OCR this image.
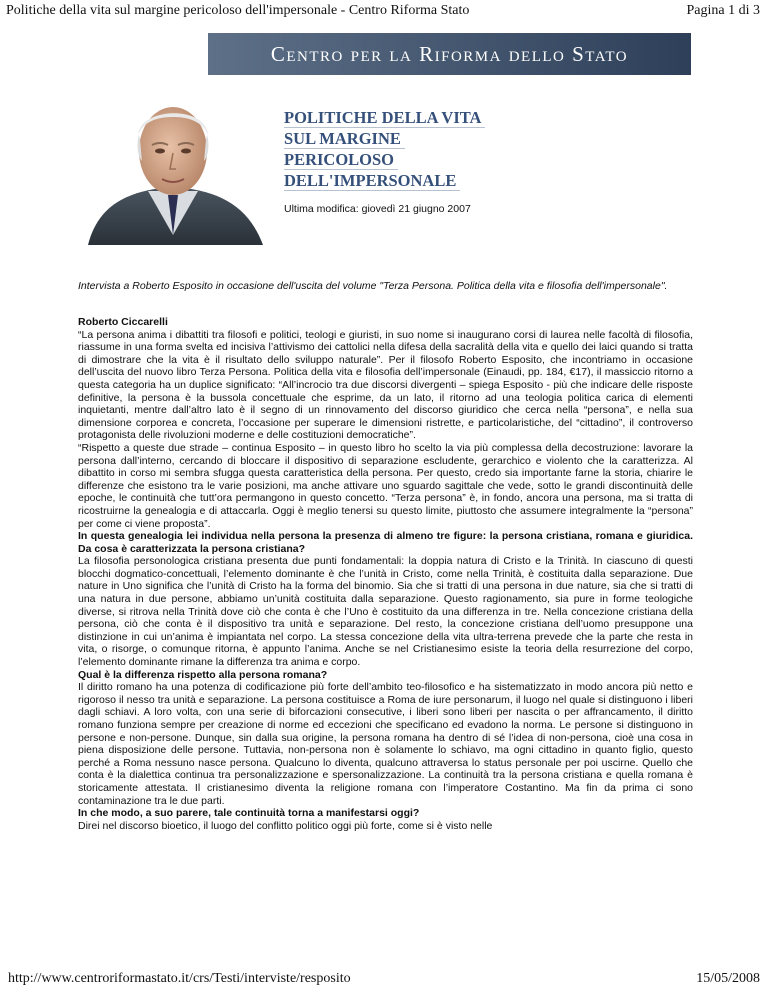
Politiche della vita sul margine pericoloso dell'impersonale - Centro Riforma Stato	Pagina 1 di 3
Centro per la Riforma dello Stato
POLITICHE DELLA VITA
SUL MARGINE
PERICOLOSO
DELL'IMPERSONALE
Ultima modifica: giovedì 21 giugno 2007
Intervista a Roberto Esposito in occasione dell'uscita del volume "Terza Persona. Politica della vita e filosofia dell'impersonale".

Roberto Ciccarelli

“La persona anima i dibattiti tra filosofi e politici, teologi e giuristi, in suo nome si inaugurano corsi di laurea nelle facoltà di filosofia, riassume in una forma svelta ed incisiva l’attivismo dei cattolici nella difesa della sacralità della vita e quello dei laici quando si tratta di dimostrare che la vita è il risultato dello sviluppo naturale”. Per il filosofo Roberto Esposito, che incontriamo in occasione dell’uscita del nuovo libro Terza Persona. Politica della vita e filosofia dell’impersonale (Einaudi, pp. 184, €17), il massiccio ritorno a questa categoria ha un duplice significato: “All’incrocio tra due discorsi divergenti – spiega Esposito - più che indicare delle risposte definitive, la persona è la bussola concettuale che esprime, da un lato, il ritorno ad una teologia politica carica di elementi inquietanti, mentre dall’altro lato è il segno di un rinnovamento del discorso giuridico che cerca nella “persona”, e nella sua dimensione corporea e concreta, l’occasione per superare le dimensioni ristrette, e particolaristiche, del “cittadino”, il controverso protagonista delle rivoluzioni moderne e delle costituzioni democratiche”.

“Rispetto a queste due strade – continua Esposito – in questo libro ho scelto la via più complessa della decostruzione: lavorare la persona dall’interno, cercando di bloccare il dispositivo di separazione escludente, gerarchico e violento che la caratterizza. Al dibattito in corso mi sembra sfugga questa caratteristica della persona. Per questo, credo sia importante farne la storia, chiarire le differenze che esistono tra le varie posizioni, ma anche attivare uno sguardo sagittale che vede, sotto le grandi discontinuità delle epoche, le continuità che tutt’ora permangono in questo concetto. “Terza persona” è, in fondo, ancora una persona, ma si tratta di ricostruirne la genealogia e di attaccarla. Oggi è meglio tenersi su questo limite, piuttosto che assumere integralmente la “persona” per come ci viene proposta”.

In questa genealogia lei individua nella persona la presenza di almeno tre figure: la persona cristiana, romana e giuridica. Da cosa è caratterizzata la persona cristiana?

La filosofia personologica cristiana presenta due punti fondamentali: la doppia natura di Cristo e la Trinità. In ciascuno di questi blocchi dogmatico-concettuali, l’elemento dominante è che l’unità in Cristo, come nella Trinità, è costituita dalla separazione. Due nature in Uno significa che l’unità di Cristo ha la forma del binomio. Sia che si tratti di una persona in due nature, sia che si tratti di una natura in due persone, abbiamo un’unità costituita dalla separazione. Questo ragionamento, sia pure in forme teologiche diverse, si ritrova nella Trinità dove ciò che conta è che l’Uno è costituito da una differenza in tre. Nella concezione cristiana della persona, ciò che conta è il dispositivo tra unità e separazione. Del resto, la concezione cristiana dell’uomo presuppone una distinzione in cui un’anima è impiantata nel corpo. La stessa concezione della vita ultra-terrena prevede che la parte che resta in vita, o risorge, o comunque ritorna, è appunto l’anima. Anche se nel Cristianesimo esiste la teoria della resurrezione del corpo, l’elemento dominante rimane la differenza tra anima e corpo.

Qual è la differenza rispetto alla persona romana?

Il diritto romano ha una potenza di codificazione più forte dell’ambito teo-filosofico e ha sistematizzato in modo ancora più netto e rigoroso il nesso tra unità e separazione. La persona costituisce a Roma de iure personarum, il luogo nel quale si distinguono i liberi dagli schiavi. A loro volta, con una serie di biforcazioni consecutive, i liberi sono liberi per nascita o per affrancamento, il diritto romano funziona sempre per creazione di norme ed eccezioni che specificano ed evadono la norma. Le persone si distinguono in persone e non-persone. Dunque, sin dalla sua origine, la persona romana ha dentro di sé l’idea di non-persona, cioè una cosa in piena disposizione delle persone. Tuttavia, non-persona non è solamente lo schiavo, ma ogni cittadino in quanto figlio, questo perché a Roma nessuno nasce persona. Qualcuno lo diventa, qualcuno attraversa lo status personale per poi uscirne. Quello che conta è la dialettica continua tra personalizzazione e spersonalizzazione. La continuità tra la persona cristiana e quella romana è storicamente attestata. Il cristianesimo diventa la religione romana con l’imperatore Costantino. Ma fin da prima ci sono contaminazione tra le due parti.

In che modo, a suo parere, tale continuità torna a manifestarsi oggi?

Direi nel discorso bioetico, il luogo del conflitto politico oggi più forte, come si è visto nelle

http://www.centroriformastato.it/crs/Testi/interviste/resposito	15/05/2008
